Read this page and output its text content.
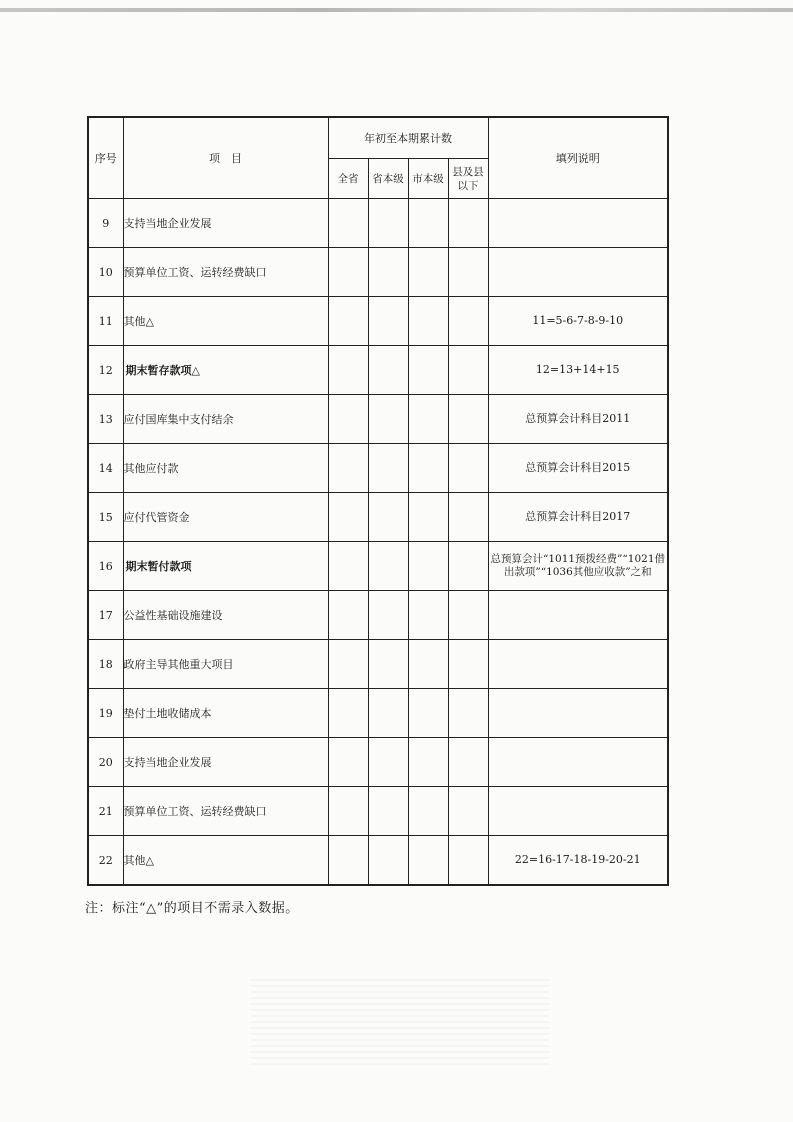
序号	项　目	年初至本期累计数				填列说明
		全省	省本级	市本级	县及县以下	
9	支持当地企业发展					
10	预算单位工资、运转经费缺口					
11	其他△					11=5-6-7-8-9-10
12	期末暂存款项△					12=13+14+15
13	应付国库集中支付结余					总预算会计科目2011
14	其他应付款					总预算会计科目2015
15	应付代管资金					总预算会计科目2017
16	期末暂付款项					总预算会计“1011预拨经费”“1021借出款项”“1036其他应收款”之和
17	公益性基础设施建设					
18	政府主导其他重大项目					
19	垫付土地收储成本					
20	支持当地企业发展					
21	预算单位工资、运转经费缺口					
22	其他△					22=16-17-18-19-20-21
注：标注“△”的项目不需录入数据。
